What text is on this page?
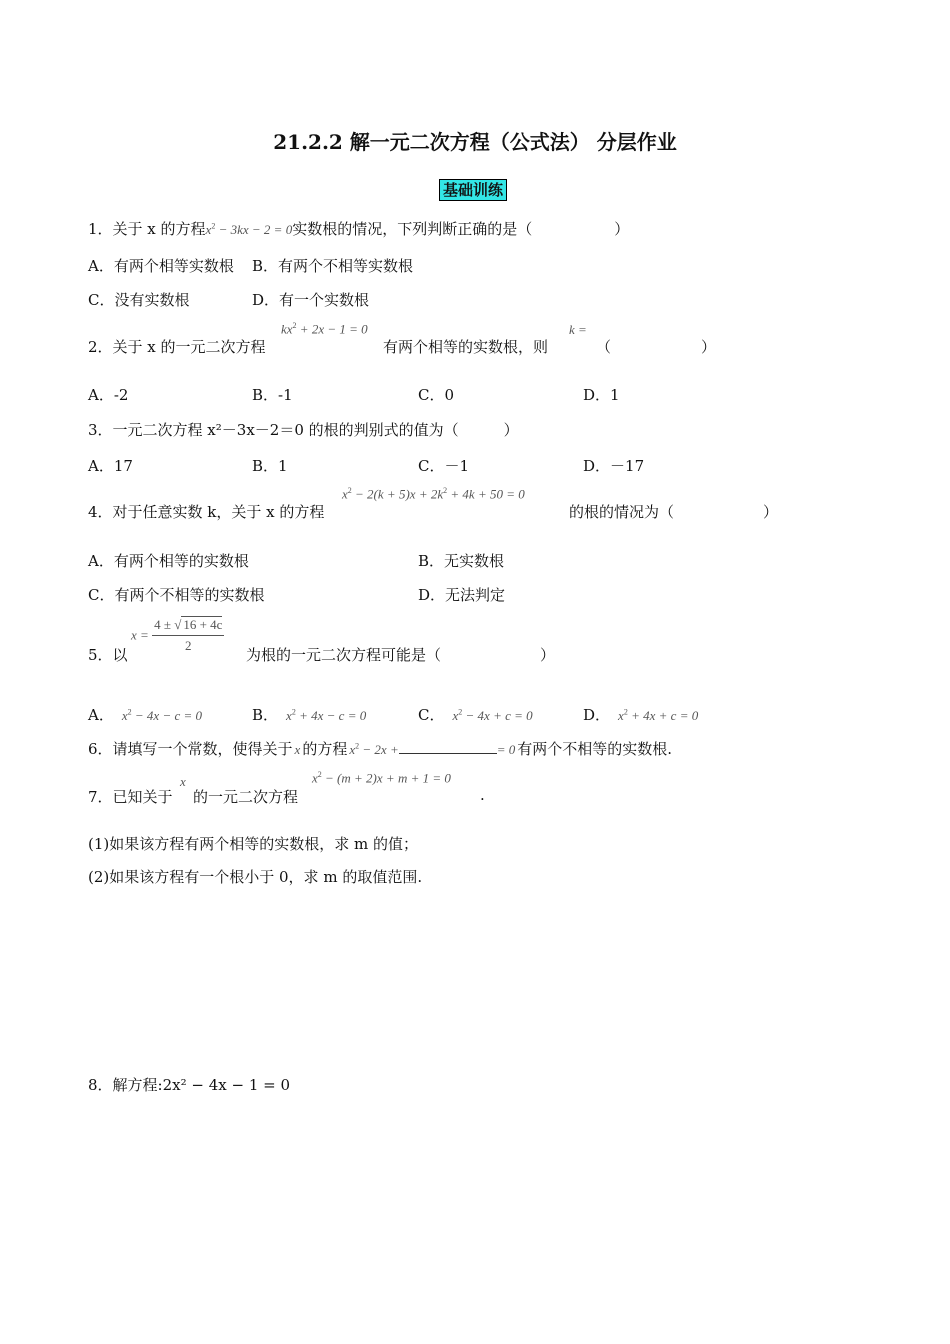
21.2.2 解一元二次方程（公式法） 分层作业
基础训练
1．关于 x 的方程$x^2 - 3kx - 2 = 0$实数根的情况，下列判断正确的是（	）
A．有两个相等实数根 B．有两个不相等实数根
C．没有实数根	D．有一个实数根
2．关于 x 的一元二次方程
$kx^2 + 2x - 1 = 0$
有两个相等的实数根，则
k =
（　　　　　　）
A．-2	B．-1	C．0	D．1
3．一元二次方程 x²－3x－2＝0 的根的判别式的值为（　　　）
A．17	B．1	C．－1	D．－17
4．对于任意实数 k，关于 x 的方程
$x^2 - 2(k + 5)x + 2k^2 + 4k + 50 = 0$
的根的情况为（	）
A．有两个相等的实数根	B．无实数根
C．有两个不相等的实数根	D．无法判定
5．以
$x = \frac{4 \pm √ 16 + 4c}{2}$
为根的一元二次方程可能是（	）
A． $x^2 - 4x - c = 0$	B． $x^2 + 4x - c = 0$	C． $x^2 - 4x + c = 0$	D． $x^2 + 4x + c = 0$
6．请填写一个常数，使得关于 x 的方程 $x^2 - 2x$ +	= 0 有两个不相等的实数根.
7．已知关于
x
的一元二次方程
$x^2 - (m + 2)x + m + 1 = 0$
.
(1)如果该方程有两个相等的实数根，求 m 的值；
(2)如果该方程有一个根小于 0，求 m 的取值范围.
8．解方程:2x² − 4x − 1 = 0
